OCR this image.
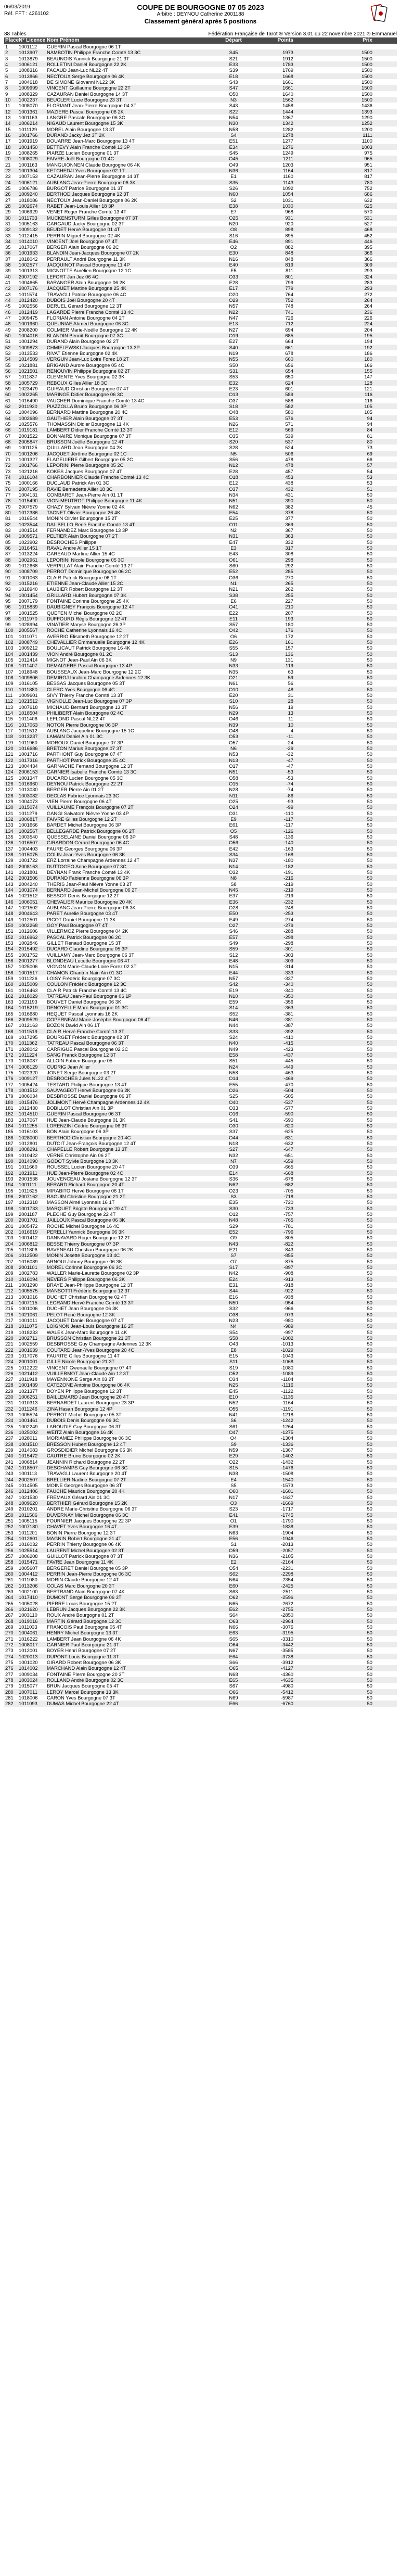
06/03/2019
Réf. FFT : 4261102
COUPE DE BOURGOGNE 07 05 2023
Arbitre : DEYNOU Catherine 2001188
Classement général après 5 positions
88 Tables	Fédération Française de Tarot ® Version 3.01 du 22 novembre 2021 ® Emmanuel
Place N° Licence Nom Prénom	Départ	Points	Prix
1	1001112	GUERIN Pascal Bourgogne 06 1T
2	1013907	NAMBOTIN Philippe Franche Comté 13 3C	S45	1973	1500
3	1013879	BEAUNOIS Yannick Bourgogne 21 3T	S21	1912	1500
4	1006121	ROLLETINI Daniel Bourgogne 22 2K	E33	1783	1500
5	1008316	FACAUD Jean-Luc NL22 4T	S39	1769	1500
6	1013866	NECTOUX Serge Bourgogne 06 4K	E18	1668	1500
7	1004618	DE SIMONE Giovanni NL22 3K	S43	1661	1500
8	1009999	VINCENT Guillaume Bourgogne 22 2T	S47	1661	1500
9	1008329	CAZAURAN Daniel Bourgogne 14 3T	O50	1640	1500
10	1002237	BEUCLER Lucie Bourgogne 23 3T	N3	1562	1500
11	1008070	FLORIANT Jean-Pierre Bourgogne 04 3T	S43	1458	1436
12	1001361	MAZIERE Pascal Bourgogne 06 2K	S22	1444	1393
13	1001163	LANGRE Pascale Bourgogne 06 3C	N54	1367	1290
14	1006214	NIGAUD Laurent Bourgogne 15 3K	N30	1342	1252
15	1011129	MOREL Alain Bourgogne 13 3T	N58	1282	1200
16	1001766	DURAND Jacky Jez 3T 2K	S4	1278	1111
17	1001919	DOUARRE Jean-Marc Bourgogne 13 4T	E51	1277	1100
18	1001450	BETTEVY Alain Franche Comté 13 3P	E34	1276	1003
19	1008265	PIARZE Lucien Bourgogne 01 3T	S45	1249	975
20	1008029	FAIVRE Joël Bourgogne 01 4C	O45	1211	965
21	1001163	MANGUIONNEN Claude Bourgogne 06 4K	O49	1203	951
22	1001304	KETCHEDJI Yves Bourgogne 02 1T	N36	1164	817
23	1007153	CAZAURAN Jean-Pierre Bourgogne 14 3T	E1	1160	817
24	1006121	AUBLANC Jean-Pierre Bourgogne 06 3K	S35	1143	780
25	1006786	BURGOT Patrice Bourgogne 01 3T	S26	1092	752
26	1009240	BERTHOD Jacques Bourgogne 12 3T	N60	1054	686
27	1018086	NECTOUX Jean-Daniel Bourgogne 06 2K	S2	1031	632
28	1002674	RABET Jean-Louis Allier 18 3P	E38	1030	625
29	1006929	VENET Roger Franche Comté 13 4T	E7	968	570
30	1011733	MUCKENSTURM Gilles Bourgogne 07 3T	O25	931	531
31	1005163	GARGAUD Jacky Bourgogne 02 3T	N20	920	527
32	1009132	BEUDET Hervé Bourgogne 01 4T	O8	898	468
33	1012415	PERRIN Miguel Bourgogne 02 4K	S16	895	452
34	1014010	VINCENT Joel Bourgogne 07 4T	E46	891	446
35	1017067	BERGER Alain Bourgogne 06 2C	O2	882	395
36	1001933	BLANDIN Jean-Jacques Bourgogne 07 2K	E30	848	366
37	1018042	PERRAULT André Bourgogne 11 3K	N16	848	366
38	1002577	JACQUINOT Pascal Bourgogne 11 4P	E40	819	309
39	1001313	MIGNOTTE Aurélien Bourgogne 12 1C	E5	811	293
40	2007192	LEFORT Jan Jez 06 4C	O33	801	324
41	1004665	BARANGER Alain Bourgogne 06 2K	E28	799	283
42	2007176	JACQUET Martine Bourgogne 25 4K	E17	779	293
43	1011574	TRAVAGLI Patrice Bourgogne 06 4C	O20	764	272
44	1012420	DUBOIS Joël Bourgogne 20 4T	O29	752	264
45	1002556	DERUEL Gérard Bourgogne 12 3T	N57	748	264
46	1012419	LAGARDE Pierre Franche Comté 13 4C	N22	741	236
47	1009475	FLORIAN Antoine Bourgogne 04 2T	N47	726	226
48	1001960	QUEUNIAE Ahmed Bourgogne 06 3C	E13	712	224
49	2008200	COLMIER Marie-Noëlle Bourgogne 12 4K	N27	694	204
50	1004016	BLANDIN Benoît Bourgogne 07 3C	O19	685	195
51	1001294	DURAND Alain Bourgogne 02 2T	E27	664	194
52	1009873	CHMIELEWSKI Jacques Bourgogne 13 3P	S40	661	192
53	1013533	RIVAT Étienne Bourgogne 02 4K	N19	678	186
54	1014509	VERGUN Jean-Luc Loire Forez 18 2T	N55	660	180
55	1021881	BRIGAND Aurore Bourgogne 05 4C	S50	656	166
56	1021501	RENOUVIN Philippe Bourgogne 02 2T	S31	654	155
57	1011837	CLEMENTE Yves Bourgogne 02 3K	S53	650	147
58	1005729	REBOUX Gilles Allier 18 3C	E32	624	128
59	1023479	GUIRAUD Christian Bourgogne 07 4T	E23	601	121
60	1002265	MARINGE Didier Bourgogne 06 3C	O13	589	116
61	1016490	VAUCHER Dominique Franche Comté 13 4C	O37	588	116
62	2011930	PIAZZOLLA Bruno Bourgogne 06 3P	S18	582	105
63	1004096	BERNARD Martine Bourgogne 20 4C	O48	580	105
64	1002689	GAUTHIER Alain Bourgogne 07 3T	E53	576	94
65	1025576	THOMASSIN Didier Bourgogne 11 4K	N26	571	94
66	1019181	LAMBERT Didier Franche Comté 13 3T	E12	569	84
67	2001522	BONNAIRE Monique Bourgogne 07 3T	O35	539	81
68	2005847	BRUSSON Joëlle Bourgogne 12 4T	S20	537	80
69	1001125	QUILLARD Jean Bourgogne 04 2K	S28	524	73
70	1001206	JACQUET Jérôme Bourgogne 02 1C	N5	506	69
71	1001327	FLAGEUIERE Gilbert Bourgogne 05 2C	S56	478	66
72	1001766	LEPORINI Pierre Bourgogne 05 2C	N12	478	57
73	1021216	KOKES Jacques Bourgogne 07 4T	E28	457	54
74	1016104	CHARBONNIER Claude Franche Comté 13 4C	O18	453	53
75	1000166	DUCLAUD Patrick Ain 01 3C	E12	438	53
76	2007195	RAVIE Bernadette Allier 18 3C	O37	432	51
77	1004131	COMBARET Jean-Pierre Ain 01 1T	N34	431	50
78	1015490	VION-MEUTROT Philippe Bourgogne 11 4K	N51	390	50
79	2007579	CHAZY Sylvain Nièvre Yonne 02 4K	N62	382	45
80	1012386	TACNET Olivier Bourgogne 26 4K	E54	378	50
81	1016544	MONIN Olivier Bourgogne 15 2T	E25	377	50
82	1023544	DAL BELLO René Franche Comté 13 4T	O11	369	50
83	1001514	FERNANDEZ Marc Bourgogne 13 3P	N2	367	50
84	1009571	PELTIER Alain Bourgogne 07 2T	N31	363	50
85	1023902	DESROCHES Philippe	E47	332	50
86	1016451	RAVAL Andre Allier 15 1T	E3	317	50
87	1013224	GAREAUD Martine Allier 15 4C	E43	308	50
88	1002961	LEPORINI Nicole Bourgogne 05 3C	O61	298	50
89	1012668	VERPILLAT Alain Franche Comté 13 2T	S60	292	50
90	1008709	PERROT Dominique Bourgogne 06 2C	E52	285	50
91	1001063	CLAIR Patrick Bourgogne 06 1T	O36	270	50
92	1015216	ETIENNE Jean-Claude Allier 15 2C	N1	265	50
93	1018940	LAUBIER Robert Bourgogne 12 3T	N21	262	50
94	1001454	GRILLARD Hubert Bourgogne 07 3K	S38	255	50
95	2007179	FONTAINE Corinne Bourgogne 25 4K	E6	227	50
96	1015839	DAUBIGNEY François Bourgogne 12 4T	O41	210	50
97	1001525	QUEFEN Michel Bourgogne 02 2C	E22	207	50
98	1011970	DUFFOURD Régis Bourgogne 12 4T	E11	193	50
99	1028994	VINATIER Maryse Bourgogne 26 3P	S57	180	50
100	2005567	ROCHE Catherine Lyonnais 16 4C	O42	176	50
101	1011071	AVERRIO Elisabeth Bourgogne 12 2T	O6	172	50
102	2008749	CHEVALLIER Emmanuelle Bourgogne 12 4K	E26	161	50
103	1009212	BOULICAUT Patrick Bourgogne 16 4K	S55	157	50
104	1001439	VION André Bourgogne 01 2C	S13	136	50
105	1012414	MIGNOT Jean-Paul Ain 06 3K	N9	131	50
106	1011407	DEMAIZIERE Pascal Bourgogne 13 4P	N33	119	50
107	1018948	BOUSSEAUX Jean-Marc Bourgogne 12 2C	N35	63	50
108	1009806	DEMIROJ Ibrahim Champagne Ardennes 12 3K	O21	59	50
109	1016105	BESSAS Jacques Bourgogne 05 3T	N61	56	50
110	1011880	CLERC Yves Bourgogne 06 4C	O10	48	50
111	1009601	SIVY Thierry Franche Comté 13 3T	E20	31	50
112	1021512	VIGNOLLE Jean-Luc Bourgogne 07 3P	S10	28	50
113	1007618	MICHAUD Bernard Bourgogne 13 3T	N56	19	50
114	1018504	PHILIBERT Alain Bourgogne 02 4C	N29	13	50
115	1011406	LEFLOND Pascal NL22 4T	O46	11	50
116	1017063	NOTON Pierre Bourgogne 06 3P	N39	10	50
117	1011512	AUBLANC Jacqueline Bourgogne 15 1C	O48	4	50
118	1013237	LAMAIN Daniel Ain 01 3C	O53	-11	50
119	1011960	MOROUX Daniel Bourgogne 07 3P	O57	-24	50
120	1016686	BRETON Marius Bourgogne 07 3T	N6	-29	50
121	1001716	PARTHONT Guy Bourgogne 07 4T	N53	-32	50
122	1017316	PARTHOT Patrick Bourgogne 25 4C	N13	-47	50
123	1004434	GARNACHE Fernand Bourgogne 12 3T	O17	-47	50
124	2006153	GARNIER Isabelle Franche Comté 13 3C	N51	-53	50
125	1001347	DUCARD Lucien Bourgogne 05 3C	O58	-53	50
126	1016960	DEYNOU Patrick Bourgogne 22 2T	O15	-74	50
127	1013030	BERGER Pierre Ain 01 2T	N28	-74	50
128	1003082	DECLAS Fabrice Lyonnais 23 3C	N11	-86	50
129	1004073	VIEN Pierre Bourgogne 06 4T	O25	-93	50
130	1015074	VUILLAUME François Bourgogne 07 2T	O24	-99	50
131	1011279	GANGI Salvatore Nièvre Yonne 03 4P	O31	-110	50
132	1006817	FAIVRE Gilles Bourgogne 12 2T	E9	-117	50
133	1001666	BARDET Michel Bourgogne 06 3P	E61	-117	50
134	1002567	BELLEGARDE Patrick Bourgogne 06 2T	O5	-126	50
135	1003540	QUESSELAINE Daniel Bourgogne 06 3P	S48	-136	50
136	1016507	GIRARDON Gérard Bourgogne 06 4C	O56	-140	50
137	1004403	FAURE Georges Bourgogne 06 3P	E42	-163	50
138	1015075	COLIN Jean-Yves Bourgogne 06 3K	S34	-168	50
139	1001722	ERZ Lorraine Champagne Ardennes 12 4T	N37	-180	50
140	2008163	DUTTOGEO Anne Bourgogne 07 3C	N14	-182	50
141	1021801	DEYNAN Frank Franche Comté 13 4K	O32	-191	50
142	2001506	DURAND Fabienne Bourgogne 06 3P	N8	-216	50
143	2004240	THERIS Jean-Paul Nièvre Yonne 03 2T	S8	-219	50
144	1001074	BERNARD Jean-Michel Bourgogne 06 2T	N45	-219	50
145	1021512	BESSOT Denis Bourgogne 12 2T	E37	-219	50
146	1006051	CHEVALIER Maurice Bourgogne 20 4K	E36	-232	50
147	1021502	AUBLANC Jean-Pierre Bourgogne 06 3K	O28	-248	50
148	2004643	PARET Aurelie Bourgogne 03 4T	E50	-253	50
149	1012501	PICOT Daniel Bourgogne 11 3K	E49	-274	50
150	1002268	GOY Paul Bourgogne 07 4T	O27	-279	50
151	1012606	VILLERMOZ Pierre Bourgogne 04 2K	S46	-288	50
152	1016962	PASCAL Patrick Bourgogne 06 2C	E57	-298	50
153	1002846	GILLET Renaud Bourgogne 15 3T	S49	-298	50
154	2015492	DUCARD Claudine Bourgogne 05 3P	S59	-301	50
155	1001752	VUILLAMY Jean-Marc Bourgogne 06 3T	S12	-303	50
156	2001277	BLONDEAU Lucette Bourgogne 06 4T	E48	-309	50
157	1025006	VIGNON Marie-Claude Loire Forez 02 3T	N15	-314	50
158	1001517	CHAMON Chantrin Nain Ain 01 3C	E44	-333	50
159	1011226	LOISY Frédéric Bourgogne 07 3C	N57	-337	50
160	1015009	COULON Frédéric Bourgogne 12 3C	S42	-340	50
161	1016463	CLAIR Patrick Franche Comté 13 4C	E19	-340	50
162	1018029	TATREAU Jean-Paul Bourgogne 06 1P	N10	-350	50
163	1021193	BOUVET Daniel Bourgogne 06 3K	E59	-356	50
164	1015219	DENOYELLE Marc Bourgogne 01 3C	S14	-363	50
165	1016680	HEQUET Pascal Lyonnais 16 2K	S52	-381	50
166	2009529	COPERNEAU Marie-Josèphe Bourgogne 06 4T	N46	-381	50
167	1012163	BOZON David Ain 06 1T	N44	-387	50
168	1011519	CLAIR Hervé Franche Comté 13 3T	S33	-392	50
169	1017295	BOURGET Frédéric Bourgogne 02 3T	S24	-410	50
170	1011362	TATREAU Pascal Bourgogne 06 3T	N40	-415	50
171	1028042	CARRIGUE Pascal Bourgogne 02 3C	N49	-423	50
172	1011224	SANG Franck Bourgogne 12 3T	E58	-437	50
173	1018087	ALLOIN Fabien Bourgogne 05	S51	-445	50
174	1008129	CUDRIG Jean Allier	N24	-449	50
175	1022320	JONET Serge Bourgogne 03 2T	N58	-463	50
176	1009127	DESROCHES Jules NL22 4T	O14	-469	50
177	1005424	TESTARD Philippe Bourgogne 13 4T	E55	-470	50
178	1001512	SAUVAGEOT Hervé Bourgogne 06 2K	O26	-504	50
179	1006034	DESBROSSE Daniel Bourgogne 06 3T	S25	-505	50
180	1015476	JOLIMONT Hervé Champagne Ardennes 12 4K	O40	-537	50
181	1012430	BOBILLOT Christian Ain 01 3P	O33	-577	50
182	1014510	GUERIN Pascal Bourgogne 06 3T	O16	-590	50
183	1017067	HUE Jean-Claude Bourgogne 01 3K	S41	-590	50
184	1011255	LORENZINI Cédric Bourgogne 06 3T	O30	-620	50
185	1016103	BON Alain Bourgogne 06 3P	S37	-625	50
186	1028000	BERTHOD Christian Bourgogne 20 4C	O44	-631	50
187	1012801	DUTOIT Jean-François Bourgogne 12 4T	N18	-632	50
188	1008291	CHAPELLE Robert Bourgogne 13 3T	S27	-647	50
189	1010422	VERNE Christophe Ain 06 2T	N32	-651	50
190	2014090	GODOT Sylvie Bourgogne 13 3K	N7	-659	50
191	1011660	ROUSSEL Lucien Bourgogne 20 4T	O39	-665	50
192	1021911	HUE Jean-Pierre Bourgogne 02 4C	E14	-668	50
193	2001538	JOUVENCEAU Josiane Bourgogne 12 3T	S36	-678	50
194	1001111	BERARD Richard Bourgogne 20 4T	N62	-682	50
195	1011625	MIRABITO Hervé Bourgogne 06 1T	O23	-705	50
196	2007162	RAGUIN Christine Bourgogne 21 2T	S3	-718	50
197	1012318	MASSON Aimé Lyonnais 16 1T	E35	-720	50
198	1001733	MARQUET Brigitte Bourgogne 20 4T	S30	-733	50
199	2001187	PLECHE Guy Bourgogne 22 4T	O12	-757	50
200	2001701	JAILLOUX Pascal Bourgogne 06 3K	N48	-765	50
201	1005472	ROCHE Michel Bourgogne 16 4C	S29	-781	50
202	1016619	PERELLI Yannick Bourgogne 06 3K	E52	-796	50
203	1001412	DANNAVARD Roger Bourgogne 12 2T	O9	-805	50
204	1006812	BESSE Thierry Bourgogne 07 3P	N43	-822	50
205	1011806	RAVENEAU Christian Bourgogne 06 2K	E21	-843	50
206	1012509	MONIN Josette Bourgogne 13 4C	S7	-855	50
207	1016089	ARNOUI Johnny Bourgogne 06 3K	O7	-875	50
208	2001101	MOREL Corinne Bourgogne 06 3C	S17	-897	50
209	1002783	WALLER Marie-Laurette Bourgogne 02 3P	N42	-908	50
210	1016094	NEVERS Philippe Bourgogne 06 3K	E24	-913	50
211	1001290	BRAYE Jean-Philippe Bourgogne 12 3T	E31	-918	50
212	1005575	MANSOTTI Frédéric Bourgogne 12 3T	S44	-922	50
213	1001016	DUCHET Christian Bourgogne 02 4T	E16	-938	50
214	1007115	LEGRAND Hervé Franche Comté 13 3T	N50	-954	50
215	1001006	DUCHET Jean Bourgogne 06 3K	S32	-966	50
216	1021061	PELOT René Bourgogne 12 3K	O38	-973	50
217	1001011	JACQUET Daniel Bourgogne 07 4T	N23	-980	50
218	1011075	LOIGNON Jean-Louis Bourgogne 16 2T	N4	-989	50
219	1018233	WALEK Jean-Marc Bourgogne 11 4K	S54	-997	50
220	1002711	BRUSSON Christian Bourgogne 21 3T	S58	-1002	50
221	1002559	DESBROSSE Guy Champagne Ardennes 12 3K	O43	-1013	50
222	1001639	COUTARD Jean-Yves Bourgogne 20 4C	E8	-1029	50
223	1017076	FAURITE Gilles Bourgogne 11 4T	E15	-1043	50
224	2001001	GILLE Nicole Bourgogne 21 3T	S11	-1068	50
225	1012222	VINCENT Gwenaelle Bourgogne 07 4T	S19	-1080	50
226	1021412	VUILLERMOT Jean-Claude Ain 12 3T	O52	-1089	50
227	1011918	MAYENNONE Serge Ain 03 2T	O34	-1104	50
228	1001439	CATEZONE Antoine Bourgogne 06 4K	N25	-1116	50
229	1021377	DOYEN Philippe Bourgogne 12 3T	E45	-1122	50
230	1006251	BAILLEMARD Jean Bourgogne 20 4T	E10	-1135	50
231	1010313	BERNARDET Laurent Bourgogne 23 3P	N52	-1164	50
232	1011246	ZINA Hasan Bourgogne 12 4P	O55	-1191	50
233	1005524	PERROT Michel Bourgogne 05 3T	N41	-1218	50
234	1001461	DUBOIS Denis Bourgogne 06 3C	S6	-1242	50
235	1002249	LAROUDIE Guy Bourgogne 06 3T	S61	-1264	50
236	1025002	WEITZ Alain Bourgogne 16 4K	O47	-1275	50
237	1028011	MORIAMEZ Philippe Bourgogne 06 3C	O4	-1304	50
238	1001510	BRESSON Hubert Bourgogne 12 4T	S9	-1336	50
239	1014083	GROSDIDIER Michel Bourgogne 06 3K	N59	-1367	50
240	1015472	CAUTRE Bruno Bourgogne 02 2K	E29	-1402	50
241	1006814	JEANNIN Richard Bourgogne 22 2T	O22	-1432	50
242	1018507	DESCHAMPS Guy Bourgogne 06 3C	S15	-1476	50
243	1001113	TRAVAGLI Laurent Bourgogne 20 4T	N38	-1508	50
244	2002507	BRELLIER Nadine Bourgogne 07 2T	E4	-1540	50
245	1014505	MOINE Georges Bourgogne 06 3T	S5	-1573	50
246	1012406	FAUCHE Maurice Bourgogne 20 4K	O60	-1601	50
247	1021530	FREMAUX Gérard Ain 01 3C	N17	-1637	50
248	1009620	BERTHIER Gérard Bourgogne 15 2K	O3	-1669	50
249	2010201	ANDRE Marie-Christine Bourgogne 06 3T	S23	-1717	50
250	1011506	DUVERNAY Michel Bourgogne 06 3C	E41	-1745	50
251	1005115	FOURNIER Jacques Bourgogne 22 3P	O1	-1790	50
252	1007180	CHAVET Yves Bourgogne 16 4T	E39	-1838	50
253	1011201	BONIN Pierre Bourgogne 12 3T	N63	-1904	50
254	1012601	MAGNIN Robert Bourgogne 21 4T	E56	-1946	50
255	1016032	PERRIN Thierry Bourgogne 06 4K	S1	-2013	50
256	1025514	LAURENT Michel Bourgogne 02 3T	O59	-2057	50
257	1006208	GUILLOT Patrick Bourgogne 07 3T	N36	-2105	50
258	1015471	FAVRE Jean Bourgogne 11 4K	E2	-2164	50
259	1005607	BERGERET Daniel Bourgogne 05 3P	O54	-2231	50
260	1004412	PERRIN Jean-Pierre Bourgogne 06 3C	S62	-2298	50
261	1011080	MORIN Claude Bourgogne 12 4T	N64	-2354	50
262	1013206	COLAS Marc Bourgogne 20 3T	E60	-2425	50
263	1002100	BERTRAND Alain Bourgogne 07 4K	S63	-2511	50
264	1017410	DUMONT Serge Bourgogne 06 3T	O62	-2596	50
265	1005028	PIERRE Louis Bourgogne 15 2T	N65	-2672	50
266	1021620	LEBRUN Jacques Bourgogne 22 3K	E62	-2755	50
267	1003110	ROUX André Bourgogne 01 2T	S64	-2850	50
268	1019016	MARTIN Gérard Bourgogne 12 3C	O63	-2964	50
269	1011033	FRANCOIS Paul Bourgogne 05 4T	N66	-3076	50
270	1004061	HENRY Michel Bourgogne 13 3T	E63	-3195	50
271	1016222	LAMBERT Jean Bourgogne 06 4K	S65	-3310	50
272	1008017	GARNIER Paul Bourgogne 21 3T	O64	-3442	50
273	1012001	BOYER Henri Bourgogne 07 2T	N67	-3585	50
274	1020013	DUPONT Louis Bourgogne 11 3T	E64	-3738	50
275	1001020	GIRARD Robert Bourgogne 06 3K	S66	-3912	50
276	1014002	MARCHAND Alain Bourgogne 12 4T	O65	-4127	50
277	1009034	FONTAINE Pierre Bourgogne 20 3T	N68	-4360	50
278	1003024	ROLLAND André Bourgogne 02 3C	E65	-4635	50
279	1015077	BRUN Jacques Bourgogne 05 4T	S67	-4980	50
280	1007011	LEROY Marcel Bourgogne 13 3K	O66	-5412	50
281	1018006	CARON Yves Bourgogne 07 3T	N69	-5987	50
282	1011093	DUMAS Michel Bourgogne 22 4T	E66	-6760	50
